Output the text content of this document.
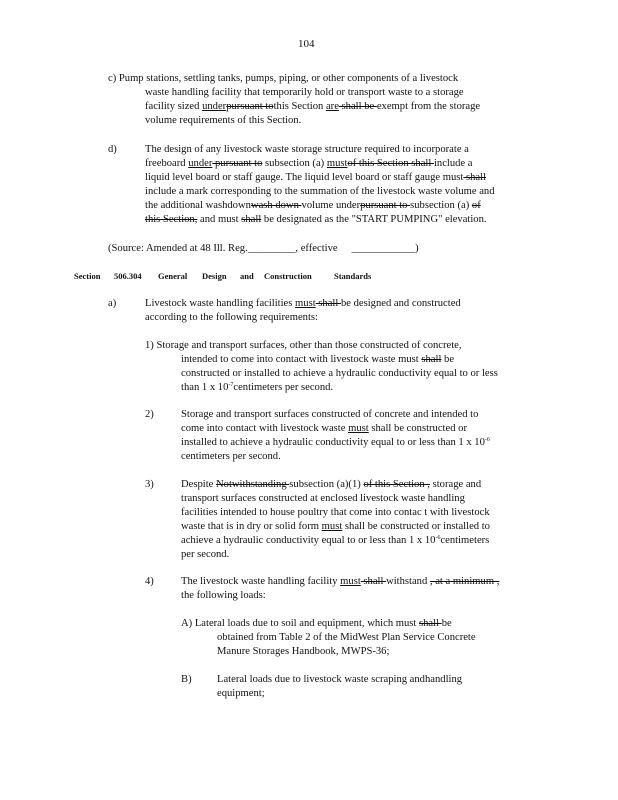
104
c) Pump stations, settling tanks, pumps, piping, or other components of a livestock
waste handling facility that temporarily hold or transport waste to a storage
facility sized underpursuant tothis Section are shall be exempt from the storage
volume requirements of this Section.
d)	The design of any livestock waste storage structure required to incorporate a
freeboard under pursuant to subsection (a) mustof this Section shall include a
liquid level board or staff gauge. The liquid level board or staff gauge must shall
include a mark corresponding to the summation of the livestock waste volume and
the additional washdownwash down volume underpursuant to subsection (a) of
this Section, and must shall be designated as the "START PUMPING" elevation.
(Source: Amended at 48 Ill. Reg._________, effective ____________)
Section 506.304 General Design and Construction	Standards
a)	Livestock waste handling facilities must shall be designed and constructed
according to the following requirements:
1) Storage and transport surfaces, other than those constructed of concrete,
intended to come into contact with livestock waste must shall be
constructed or installed to achieve a hydraulic conductivity equal to or less
than 1 x $10^{-7}centimeters$ per second.
2)	Storage and transport surfaces constructed of concrete and intended to
come into contact with livestock waste must shall be constructed or
installed to achieve a hydraulic conductivity equal to or less than 1 x $10^{-6}$
centimeters per second.
3)	Despite Notwithstanding subsection (a)(1) of this Section , storage and
transport surfaces constructed at enclosed livestock waste handling
facilities intended to house poultry that come into contac t with livestock
waste that is in dry or solid form must shall be constructed or installed to
achieve a hydraulic conductivity equal to or less than 1 x $10^{-6}centimeters$
per second.
4)	The livestock waste handling facility must shall withstand , at a minimum ,
the following loads:
A) Lateral loads due to soil and equipment, which must shall be
obtained from Table 2 of the MidWest Plan Service Concrete
Manure Storages Handbook, MWPS-36;
B) Lateral loads due to livestock waste scraping andhandling
equipment;
